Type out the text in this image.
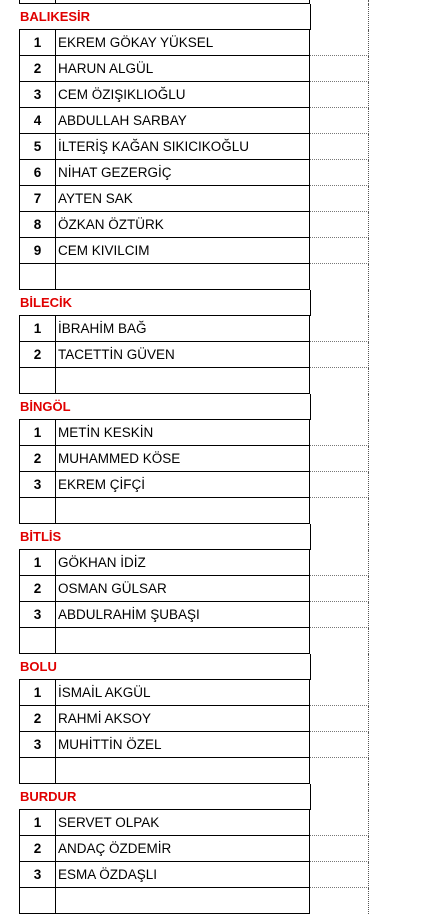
BALIKESİR
1	EKREM GÖKAY YÜKSEL
2	HARUN ALGÜL
3	CEM ÖZIŞIKLIOĞLU
4	ABDULLAH SARBAY
5	İLTERİŞ KAĞAN SIKICIKOĞLU
6	NİHAT GEZERGİÇ
7	AYTEN SAK
8	ÖZKAN ÖZTÜRK
9	CEM KIVILCIM
BİLECİK
1	İBRAHİM BAĞ
2	TACETTİN GÜVEN
BİNGÖL
1	METİN KESKİN
2	MUHAMMED KÖSE
3	EKREM ÇİFÇİ
BİTLİS
1	GÖKHAN İDİZ
2	OSMAN GÜLSAR
3	ABDULRAHİM ŞUBAŞI
BOLU
1	İSMAİL AKGÜL
2	RAHMİ AKSOY
3	MUHİTTİN ÖZEL
BURDUR
1	SERVET OLPAK
2	ANDAÇ ÖZDEMİR
3	ESMA ÖZDAŞLI
